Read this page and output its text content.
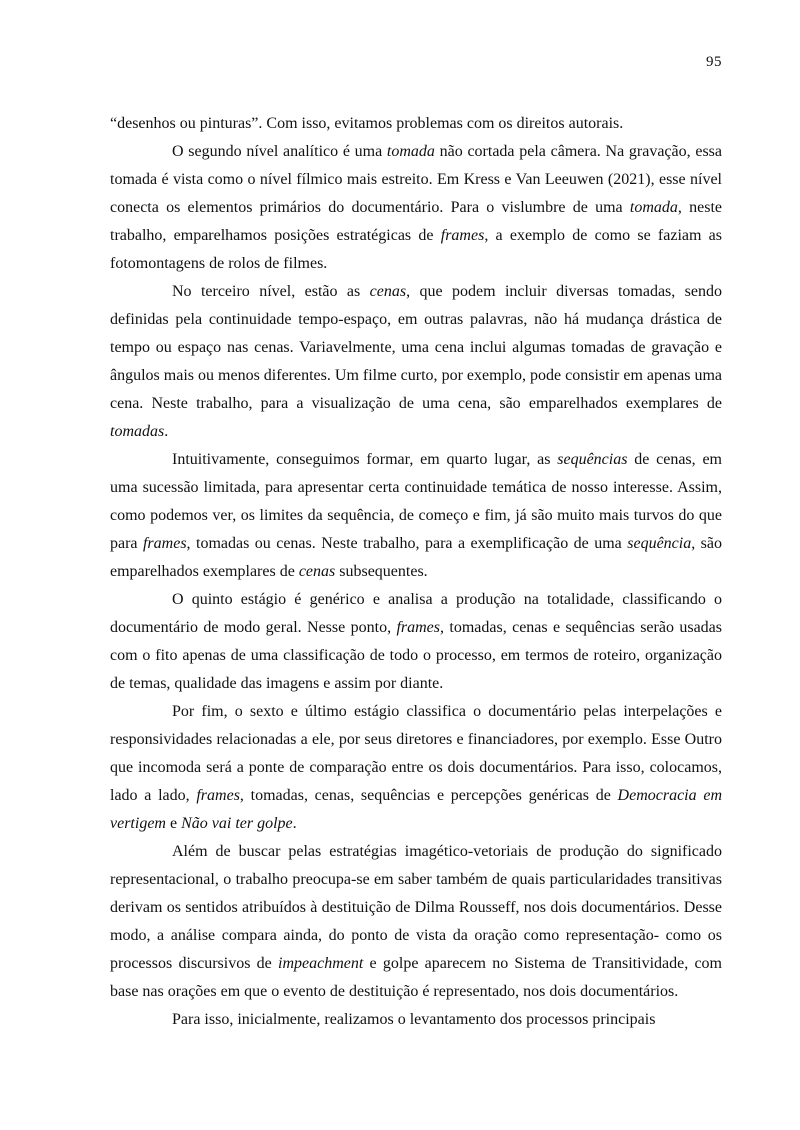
95

“desenhos ou pinturas”. Com isso, evitamos problemas com os direitos autorais.

O segundo nível analítico é uma tomada não cortada pela câmera. Na gravação, essa tomada é vista como o nível fílmico mais estreito. Em Kress e Van Leeuwen (2021), esse nível conecta os elementos primários do documentário. Para o vislumbre de uma tomada, neste trabalho, emparelhamos posições estratégicas de frames, a exemplo de como se faziam as fotomontagens de rolos de filmes.

No terceiro nível, estão as cenas, que podem incluir diversas tomadas, sendo definidas pela continuidade tempo-espaço, em outras palavras, não há mudança drástica de tempo ou espaço nas cenas. Variavelmente, uma cena inclui algumas tomadas de gravação e ângulos mais ou menos diferentes. Um filme curto, por exemplo, pode consistir em apenas uma cena. Neste trabalho, para a visualização de uma cena, são emparelhados exemplares de tomadas.

Intuitivamente, conseguimos formar, em quarto lugar, as sequências de cenas, em uma sucessão limitada, para apresentar certa continuidade temática de nosso interesse. Assim, como podemos ver, os limites da sequência, de começo e fim, já são muito mais turvos do que para frames, tomadas ou cenas. Neste trabalho, para a exemplificação de uma sequência, são emparelhados exemplares de cenas subsequentes.

O quinto estágio é genérico e analisa a produção na totalidade, classificando o documentário de modo geral. Nesse ponto, frames, tomadas, cenas e sequências serão usadas com o fito apenas de uma classificação de todo o processo, em termos de roteiro, organização de temas, qualidade das imagens e assim por diante.

Por fim, o sexto e último estágio classifica o documentário pelas interpelações e responsividades relacionadas a ele, por seus diretores e financiadores, por exemplo. Esse Outro que incomoda será a ponte de comparação entre os dois documentários. Para isso, colocamos, lado a lado, frames, tomadas, cenas, sequências e percepções genéricas de Democracia em vertigem e Não vai ter golpe.

Além de buscar pelas estratégias imagético-vetoriais de produção do significado representacional, o trabalho preocupa-se em saber também de quais particularidades transitivas derivam os sentidos atribuídos à destituição de Dilma Rousseff, nos dois documentários. Desse modo, a análise compara ainda, do ponto de vista da oração como representação- como os processos discursivos de impeachment e golpe aparecem no Sistema de Transitividade, com base nas orações em que o evento de destituição é representado, nos dois documentários.

Para isso, inicialmente, realizamos o levantamento dos processos principais
